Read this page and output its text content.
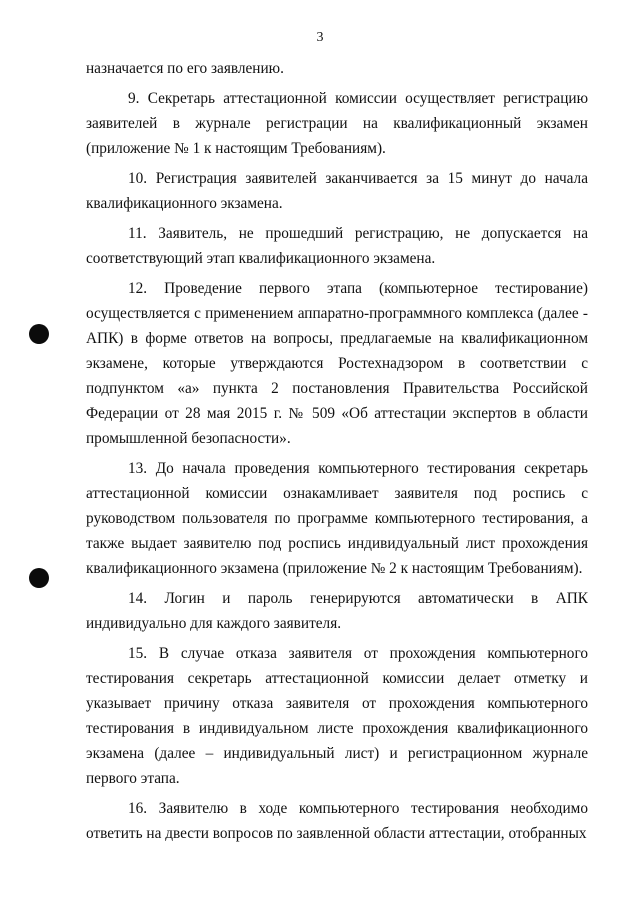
3

назначается по его заявлению.

9. Секретарь аттестационной комиссии осуществляет регистрацию заявителей в журнале регистрации на квалификационный экзамен (приложение № 1 к настоящим Требованиям).

10. Регистрация заявителей заканчивается за 15 минут до начала квалификационного экзамена.

11. Заявитель, не прошедший регистрацию, не допускается на соответствующий этап квалификационного экзамена.

12. Проведение первого этапа (компьютерное тестирование) осуществляется с применением аппаратно-программного комплекса (далее - АПК) в форме ответов на вопросы, предлагаемые на квалификационном экзамене, которые утверждаются Ростехнадзором в соответствии с подпунктом «а» пункта 2 постановления Правительства Российской Федерации от 28 мая 2015 г. № 509 «Об аттестации экспертов в области промышленной безопасности».

13. До начала проведения компьютерного тестирования секретарь аттестационной комиссии ознакамливает заявителя под роспись с руководством пользователя по программе компьютерного тестирования, а также выдает заявителю под роспись индивидуальный лист прохождения квалификационного экзамена (приложение № 2 к настоящим Требованиям).

14. Логин и пароль генерируются автоматически в АПК индивидуально для каждого заявителя.

15. В случае отказа заявителя от прохождения компьютерного тестирования секретарь аттестационной комиссии делает отметку и указывает причину отказа заявителя от прохождения компьютерного тестирования в индивидуальном листе прохождения квалификационного экзамена (далее – индивидуальный лист) и регистрационном журнале первого этапа.

16. Заявителю в ходе компьютерного тестирования необходимо ответить на двести вопросов по заявленной области аттестации, отобранных
